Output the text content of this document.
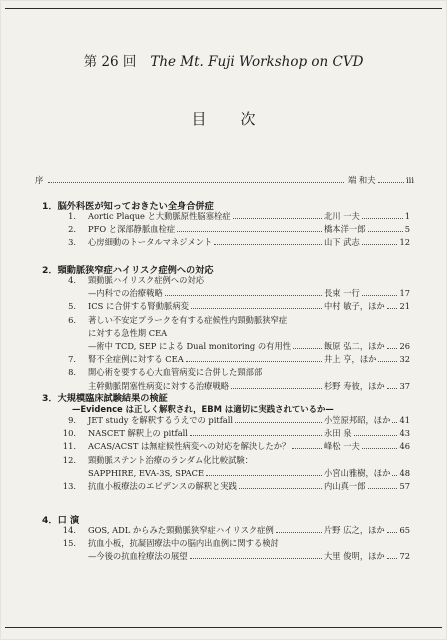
第 26 回 The Mt. Fuji Workshop on CVD
目次
序	端 和夫	iii
1．脳外科医が知っておきたい全身合併症
1. Aortic Plaque と大動脈原性脳塞栓症	北川 一夫	1
2. PFO と深部静脈血栓症	橋本洋一郎	5
3. 心房細動のトータルマネジメント	山下 武志	12
2．頸動脈狭窄症ハイリスク症例への対応
4. 頸動脈ハイリスク症例への対応
—内科での治療戦略	長束 一行	17
5. ICS に合併する腎動脈病変	中村 敏子，ほか 21
6. 著しい不安定プラークを有する症候性内頸動脈狭窄症
に対する急性期 CEA
—術中 TCD, SEP による Dual monitoring の有用性	飯原 弘二，ほか 26
7. 腎不全症例に対する CEA	井上 亨，ほか	32
8. 開心術を要する心大血管病変に合併した頸部部
主幹動脈閉塞性病変に対する治療戦略	杉野 寿彼，ほか 37
3．大規模臨床試験結果の検証
—Evidence は正しく解釈され，EBM は適切に実践されているか—
9. JET study を解釈するうえでの pitfall	小笠原邦昭，ほか 41
10. NASCET 解釈上の pitfall	永田 泉	43
11. ACAS/ACST は無症候性病変への対応を解決したか？	峰松 一夫	46
12. 頸動脈ステント治療のランダム化比較試験：
SAPPHIRE, EVA-3S, SPACE	小宮山雅樹，ほか 48
13. 抗血小板療法のエビデンスの解釈と実践	内山真一郎	57
4．口 演
14. GOS, ADL からみた頸動脈狭窄症ハイリスク症例	片野 広之，ほか 65
15. 抗血小板，抗凝固療法中の脳内出血例に関する検討
—今後の抗血栓療法の展望	大里 俊明，ほか 72
